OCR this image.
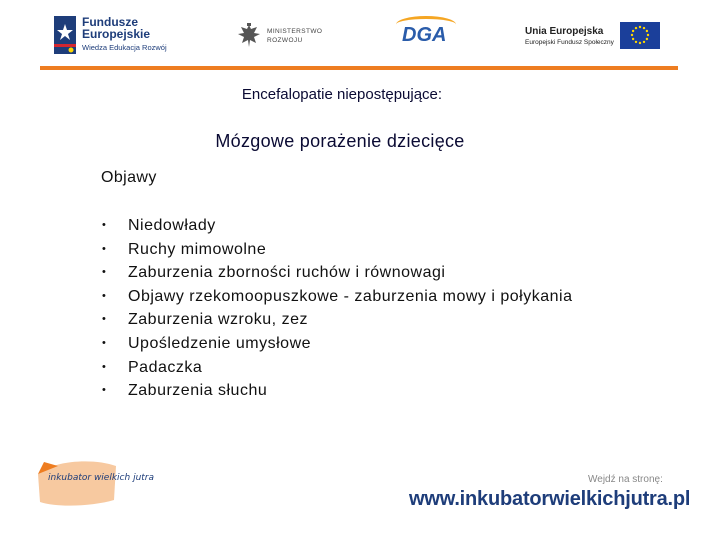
Fundusze
Europejskie
Wiedza Edukacja Rozwój
MINISTERSTWO
ROZWOJU	DGA	Unia Europejska
Europejski Fundusz Społeczny
Encefalopatie niepostępujące:
Mózgowe porażenie dziecięce
Objawy
• Niedowłady
• Ruchy mimowolne
• Zaburzenia zborności ruchów i równowagi
• Objawy rzekomoopuszkowe - zaburzenia mowy i połykania
• Zaburzenia wzroku, zez
• Upośledzenie umysłowe
• Padaczka
• Zaburzenia słuchu
inkubator wielkich jutra	Wejdź na stronę:
www.inkubatorwielkichjutra.pl
